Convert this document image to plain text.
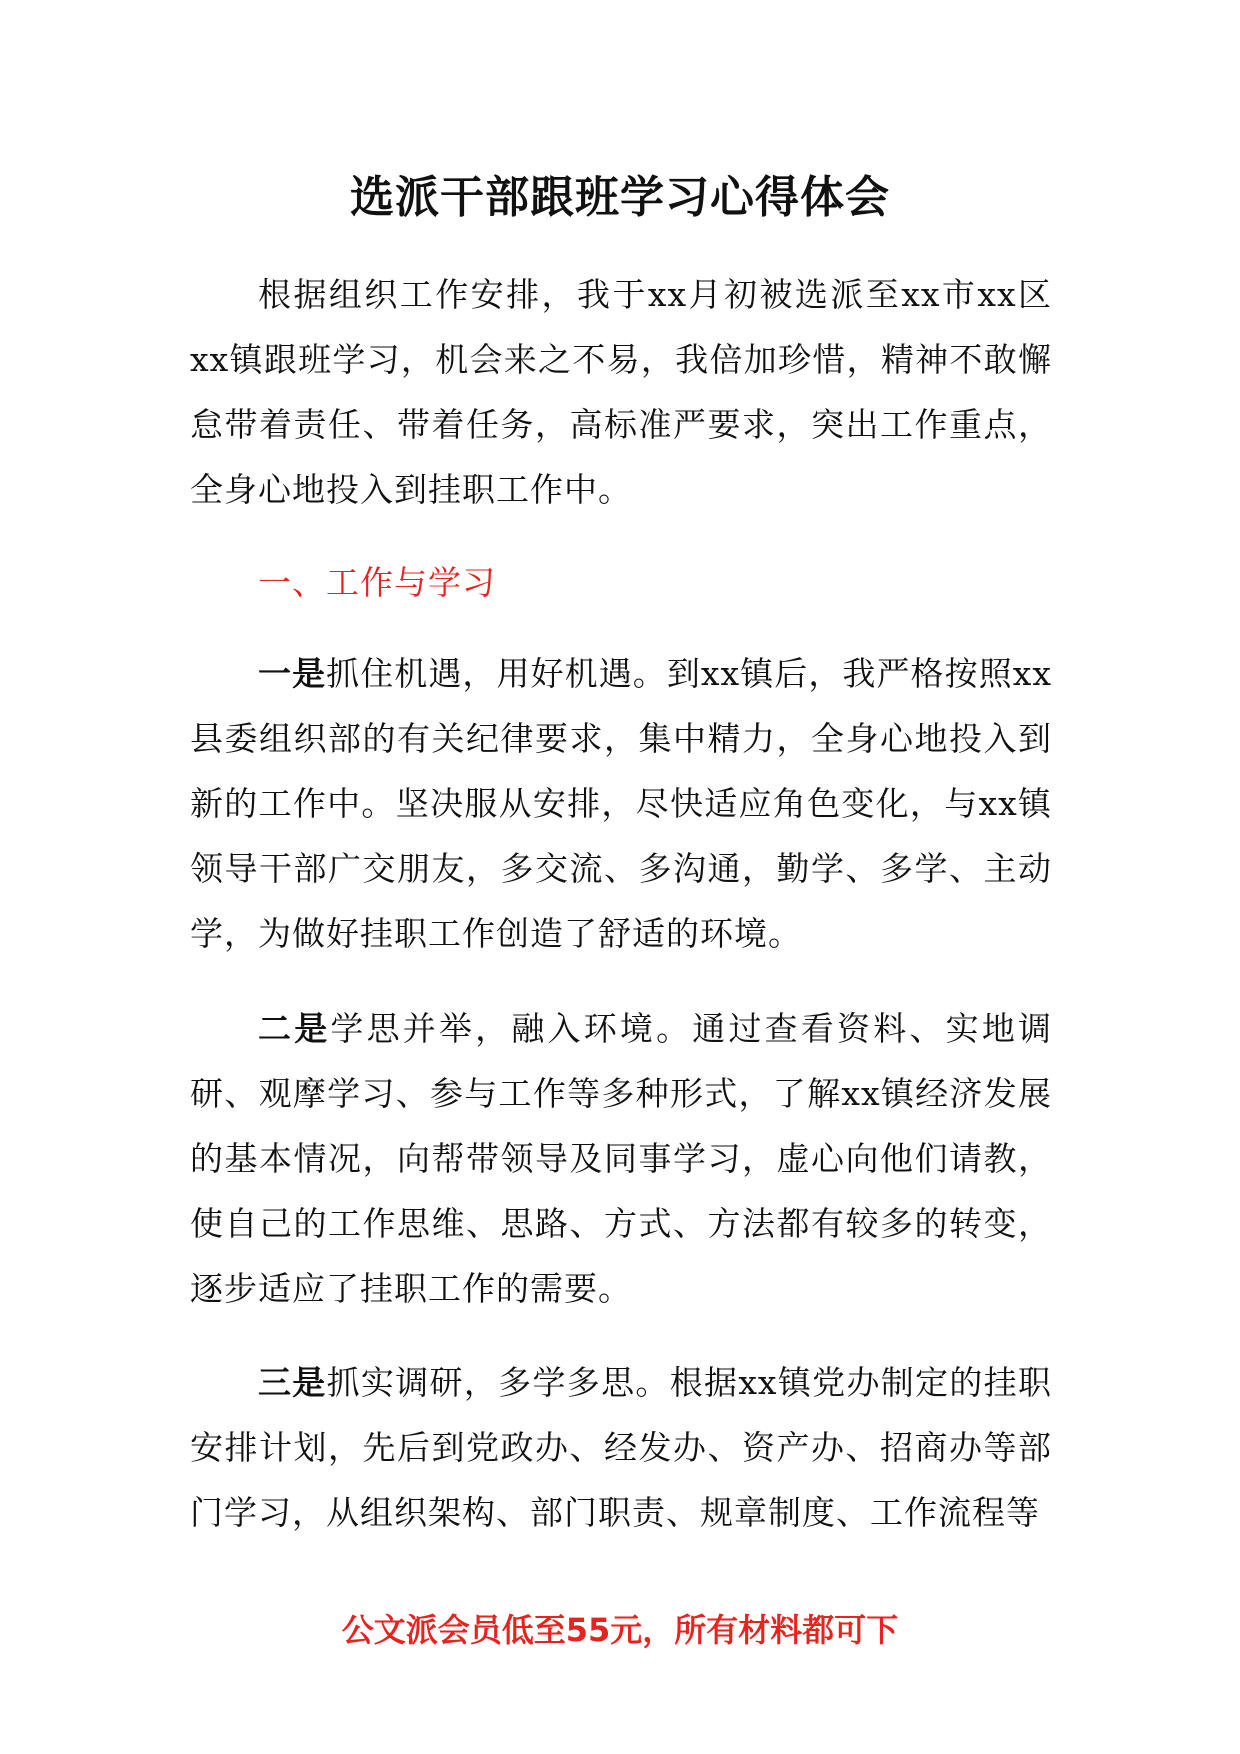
选派干部跟班学习心得体会

根据组织工作安排，我于xx月初被选派至xx市xx区xx镇跟班学习，机会来之不易，我倍加珍惜，精神不敢懈怠带着责任、带着任务，高标准严要求，突出工作重点，全身心地投入到挂职工作中。

一、工作与学习

一是抓住机遇，用好机遇。到xx镇后，我严格按照xx县委组织部的有关纪律要求，集中精力，全身心地投入到新的工作中。坚决服从安排，尽快适应角色变化，与xx镇领导干部广交朋友，多交流、多沟通，勤学、多学、主动学，为做好挂职工作创造了舒适的环境。

二是学思并举，融入环境。通过查看资料、实地调研、观摩学习、参与工作等多种形式，了解xx镇经济发展的基本情况，向帮带领导及同事学习，虚心向他们请教，使自己的工作思维、思路、方式、方法都有较多的转变，逐步适应了挂职工作的需要。

三是抓实调研，多学多思。根据xx镇党办制定的挂职安排计划，先后到党政办、经发办、资产办、招商办等部门学习，从组织架构、部门职责、规章制度、工作流程等

公文派会员低至55元，所有材料都可下
